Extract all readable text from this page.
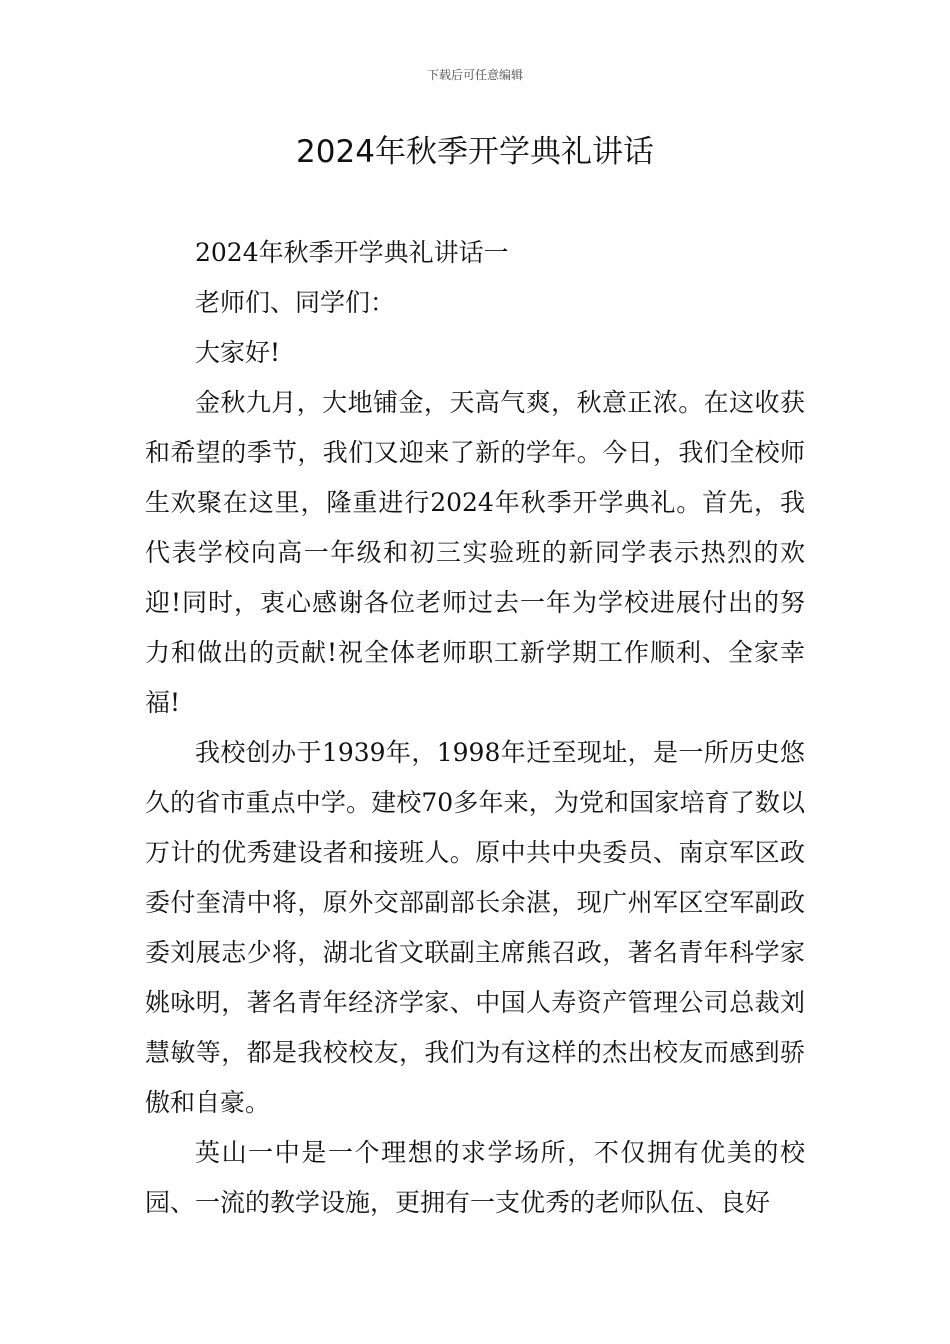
下载后可任意编辑
2024年秋季开学典礼讲话

2024年秋季开学典礼讲话一

老师们、同学们：

大家好!

金秋九月，大地铺金，天高气爽，秋意正浓。在这收获和希望的季节，我们又迎来了新的学年。今日，我们全校师生欢聚在这里，隆重进行2024年秋季开学典礼。首先，我代表学校向高一年级和初三实验班的新同学表示热烈的欢迎!同时，衷心感谢各位老师过去一年为学校进展付出的努力和做出的贡献!祝全体老师职工新学期工作顺利、全家幸福!

我校创办于1939年，1998年迁至现址，是一所历史悠久的省市重点中学。建校70多年来，为党和国家培育了数以万计的优秀建设者和接班人。原中共中央委员、南京军区政委付奎清中将，原外交部副部长余湛，现广州军区空军副政委刘展志少将，湖北省文联副主席熊召政，著名青年科学家姚咏明，著名青年经济学家、中国人寿资产管理公司总裁刘慧敏等，都是我校校友，我们为有这样的杰出校友而感到骄傲和自豪。

英山一中是一个理想的求学场所，不仅拥有优美的校园、一流的教学设施，更拥有一支优秀的老师队伍、良好
